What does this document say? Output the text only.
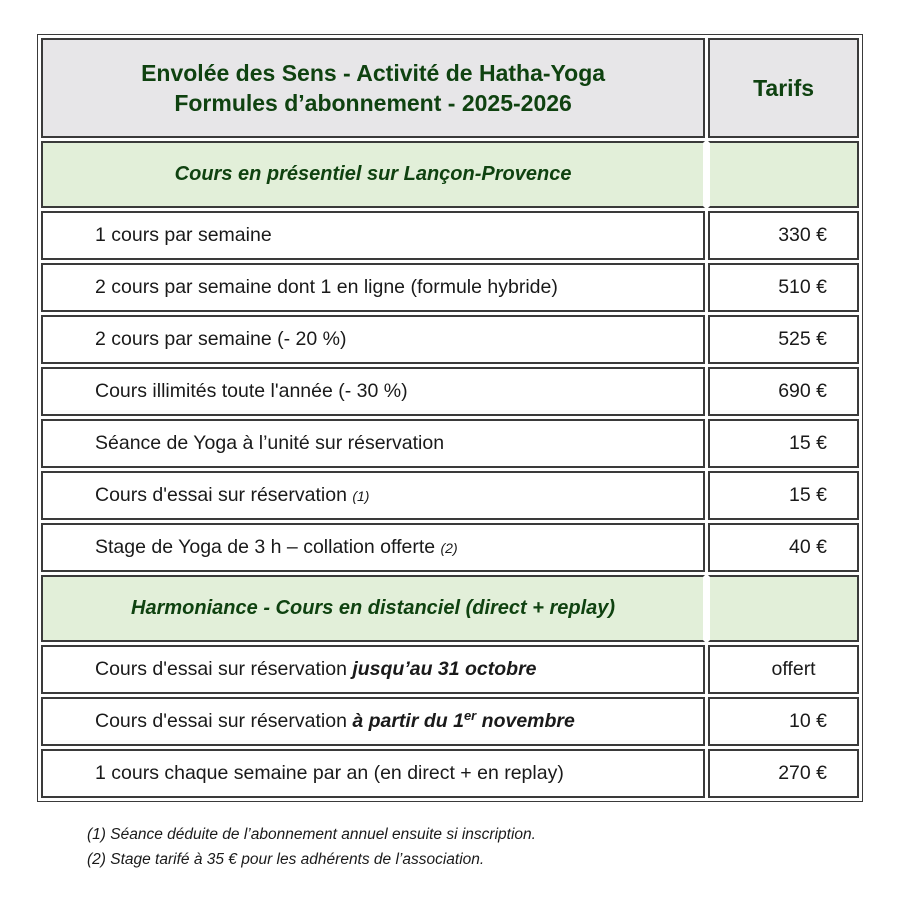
Envolée des Sens - Activité de Hatha-Yoga
Formules d’abonnement - 2025-2026	Tarifs
Cours en présentiel sur Lançon-Provence	
1 cours par semaine	330 €
2 cours par semaine dont 1 en ligne (formule hybride)	510 €
2 cours par semaine (- 20 %)	525 €
Cours illimités toute l'année (- 30 %)	690 €
Séance de Yoga à l’unité sur réservation	15 €
Cours d'essai sur réservation (1)	15 €
Stage de Yoga de 3 h – collation offerte (2)	40 €
Harmoniance - Cours en distanciel (direct + replay)	
Cours d'essai sur réservation jusqu’au 31 octobre	offert
Cours d'essai sur réservation à partir du 1er novembre	10 €
1 cours chaque semaine par an (en direct + en replay)	270 €
(1) Séance déduite de l’abonnement annuel ensuite si inscription.
(2) Stage tarifé à 35 € pour les adhérents de l’association.
